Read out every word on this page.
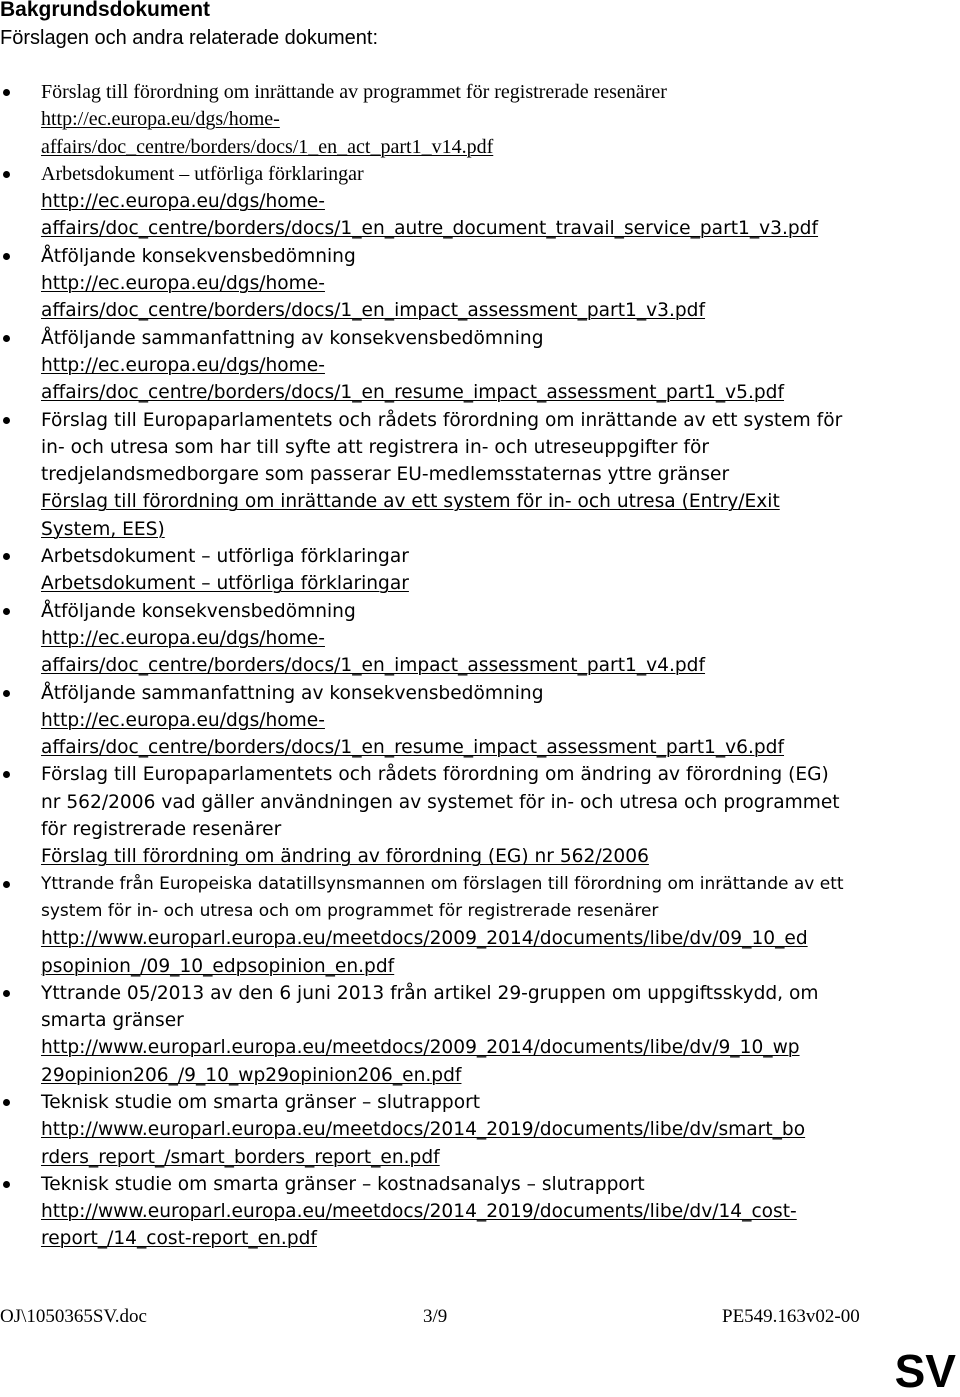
Bakgrundsdokument
Förslagen och andra relaterade dokument:
Förslag till förordning om inrättande av programmet för registrerade resenärer
http://ec.europa.eu/dgs/home-
affairs/doc_centre/borders/docs/1_en_act_part1_v14.pdf
Arbetsdokument – utförliga förklaringar
http://ec.europa.eu/dgs/home-
affairs/doc_centre/borders/docs/1_en_autre_document_travail_service_part1_v3.pdf
Åtföljande konsekvensbedömning
http://ec.europa.eu/dgs/home-
affairs/doc_centre/borders/docs/1_en_impact_assessment_part1_v3.pdf
Åtföljande sammanfattning av konsekvensbedömning
http://ec.europa.eu/dgs/home-
affairs/doc_centre/borders/docs/1_en_resume_impact_assessment_part1_v5.pdf
Förslag till Europaparlamentets och rådets förordning om inrättande av ett system för
in- och utresa som har till syfte att registrera in- och utreseuppgifter för
tredjelandsmedborgare som passerar EU-medlemsstaternas yttre gränser
Förslag till förordning om inrättande av ett system för in- och utresa (Entry/Exit
System, EES)
Arbetsdokument – utförliga förklaringar
Arbetsdokument – utförliga förklaringar
Åtföljande konsekvensbedömning
http://ec.europa.eu/dgs/home-
affairs/doc_centre/borders/docs/1_en_impact_assessment_part1_v4.pdf
Åtföljande sammanfattning av konsekvensbedömning
http://ec.europa.eu/dgs/home-
affairs/doc_centre/borders/docs/1_en_resume_impact_assessment_part1_v6.pdf
Förslag till Europaparlamentets och rådets förordning om ändring av förordning (EG)
nr 562/2006 vad gäller användningen av systemet för in- och utresa och programmet
för registrerade resenärer
Förslag till förordning om ändring av förordning (EG) nr 562/2006
Yttrande från Europeiska datatillsynsmannen om förslagen till förordning om inrättande av ett
system för in- och utresa och om programmet för registrerade resenärer
http://www.europarl.europa.eu/meetdocs/2009_2014/documents/libe/dv/09_10_ed
psopinion_/09_10_edpsopinion_en.pdf
Yttrande 05/2013 av den 6 juni 2013 från artikel 29-gruppen om uppgiftsskydd, om
smarta gränser
http://www.europarl.europa.eu/meetdocs/2009_2014/documents/libe/dv/9_10_wp
29opinion206_/9_10_wp29opinion206_en.pdf
Teknisk studie om smarta gränser – slutrapport
http://www.europarl.europa.eu/meetdocs/2014_2019/documents/libe/dv/smart_bo
rders_report_/smart_borders_report_en.pdf
Teknisk studie om smarta gränser – kostnadsanalys – slutrapport
http://www.europarl.europa.eu/meetdocs/2014_2019/documents/libe/dv/14_cost-
report_/14_cost-report_en.pdf
OJ\1050365SV.doc	3/9	PE549.163v02-00
SV
